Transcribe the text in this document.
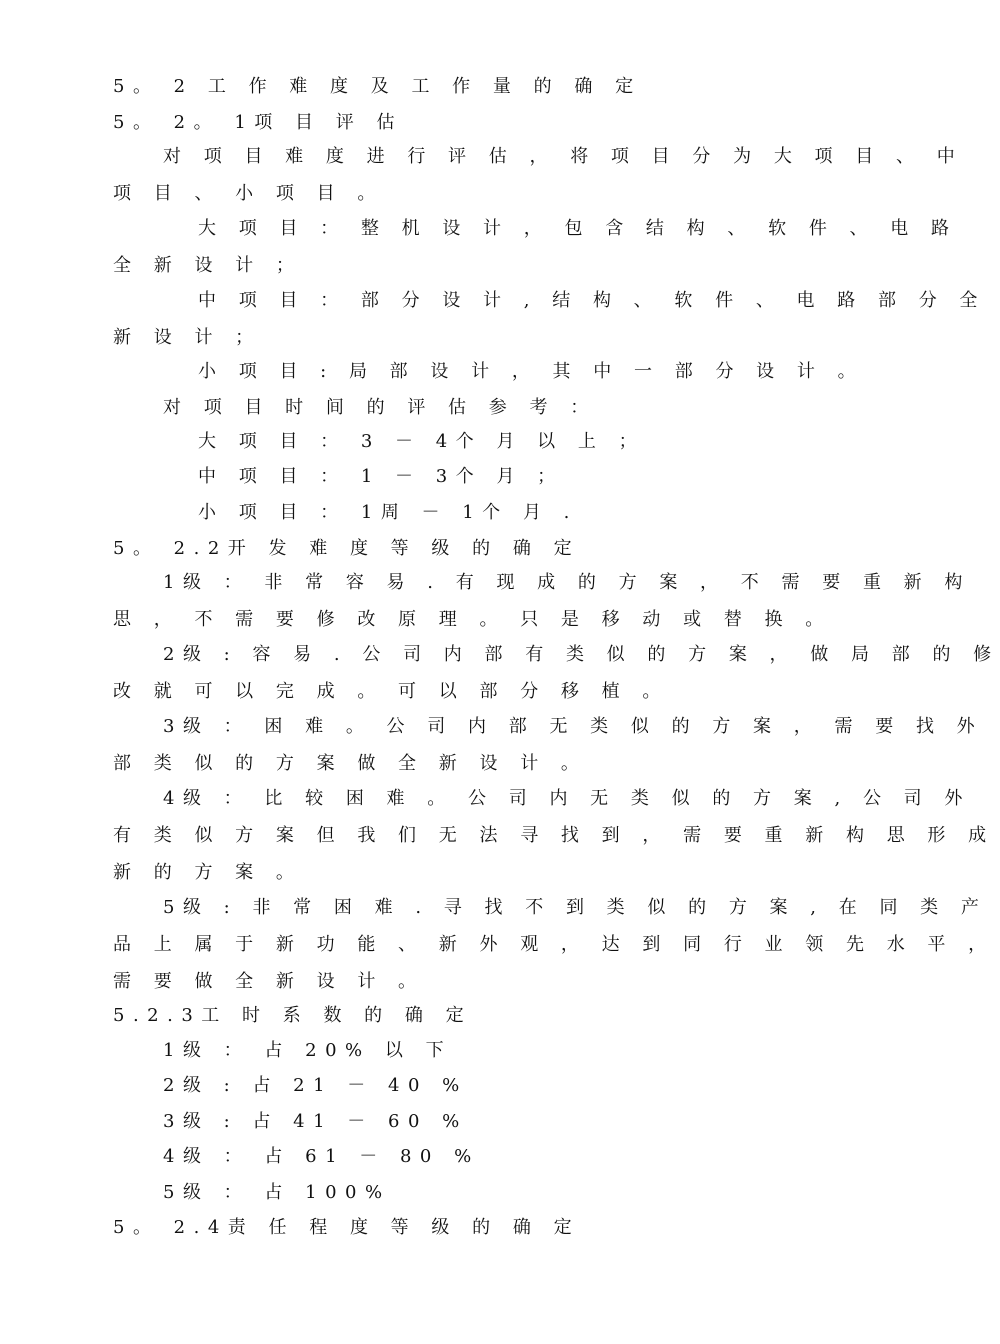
5。 2 工 作 难 度 及 工 作 量 的 确 定
5。 2。 1项 目 评 估
对 项 目 难 度 进 行 评 估 ， 将 项 目 分 为 大 项 目 、 中
项 目 、 小 项 目 。
大 项 目 ： 整 机 设 计 ， 包 含 结 构 、 软 件 、 电 路
全 新 设 计 ；
中 项 目 ： 部 分 设 计 , 结 构 、 软 件 、 电 路 部 分 全
新 设 计 ；
小 项 目 : 局 部 设 计 ， 其 中 一 部 分 设 计 。
对 项 目 时 间 的 评 估 参 考 ：
大 项 目 ： 3 － 4个 月 以 上 ；
中 项 目 ： 1 － 3个 月 ；
小 项 目 ： 1周 － 1个 月 .
5。 2.2开 发 难 度 等 级 的 确 定
1级 ： 非 常 容 易 . 有 现 成 的 方 案 ， 不 需 要 重 新 构
思 ， 不 需 要 修 改 原 理 。 只 是 移 动 或 替 换 。
2级 : 容 易 . 公 司 内 部 有 类 似 的 方 案 ， 做 局 部 的 修
改 就 可 以 完 成 。 可 以 部 分 移 植 。
3级 ： 困 难 。 公 司 内 部 无 类 似 的 方 案 ， 需 要 找 外
部 类 似 的 方 案 做 全 新 设 计 。
4级 ： 比 较 困 难 。 公 司 内 无 类 似 的 方 案 , 公 司 外
有 类 似 方 案 但 我 们 无 法 寻 找 到 ， 需 要 重 新 构 思 形 成
新 的 方 案 。
5级 : 非 常 困 难 . 寻 找 不 到 类 似 的 方 案 , 在 同 类 产
品 上 属 于 新 功 能 、 新 外 观 ， 达 到 同 行 业 领 先 水 平 ，
需 要 做 全 新 设 计 。
5.2.3工 时 系 数 的 确 定
1级 ： 占 20% 以 下
2级 : 占 21 － 40 %
3级 : 占 41 － 60 %
4级 ： 占 61 － 80 %
5级 ： 占 100%
5。 2.4责 任 程 度 等 级 的 确 定
